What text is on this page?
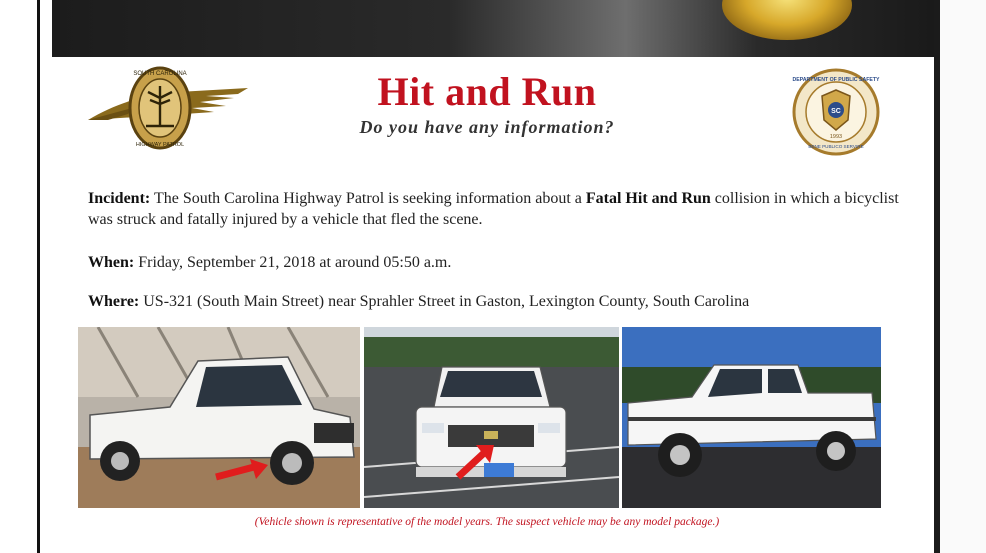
SOUTH CAROLINA
HIGHWAY PATROL
Hit and Run
Do you have any information?
SC
DEPARTMENT OF PUBLIC SAFETY
1993
BENE PUBLICO SERVIRE
Incident: The South Carolina Highway Patrol is seeking information about a Fatal Hit and Run collision in which a bicyclist was struck and fatally injured by a vehicle that fled the scene.
When: Friday, September 21, 2018 at around 05:50 a.m.
Where: US-321 (South Main Street) near Sprahler Street in Gaston, Lexington County, South Carolina
(Vehicle shown is representative of the model years. The suspect vehicle may be any model package.)
